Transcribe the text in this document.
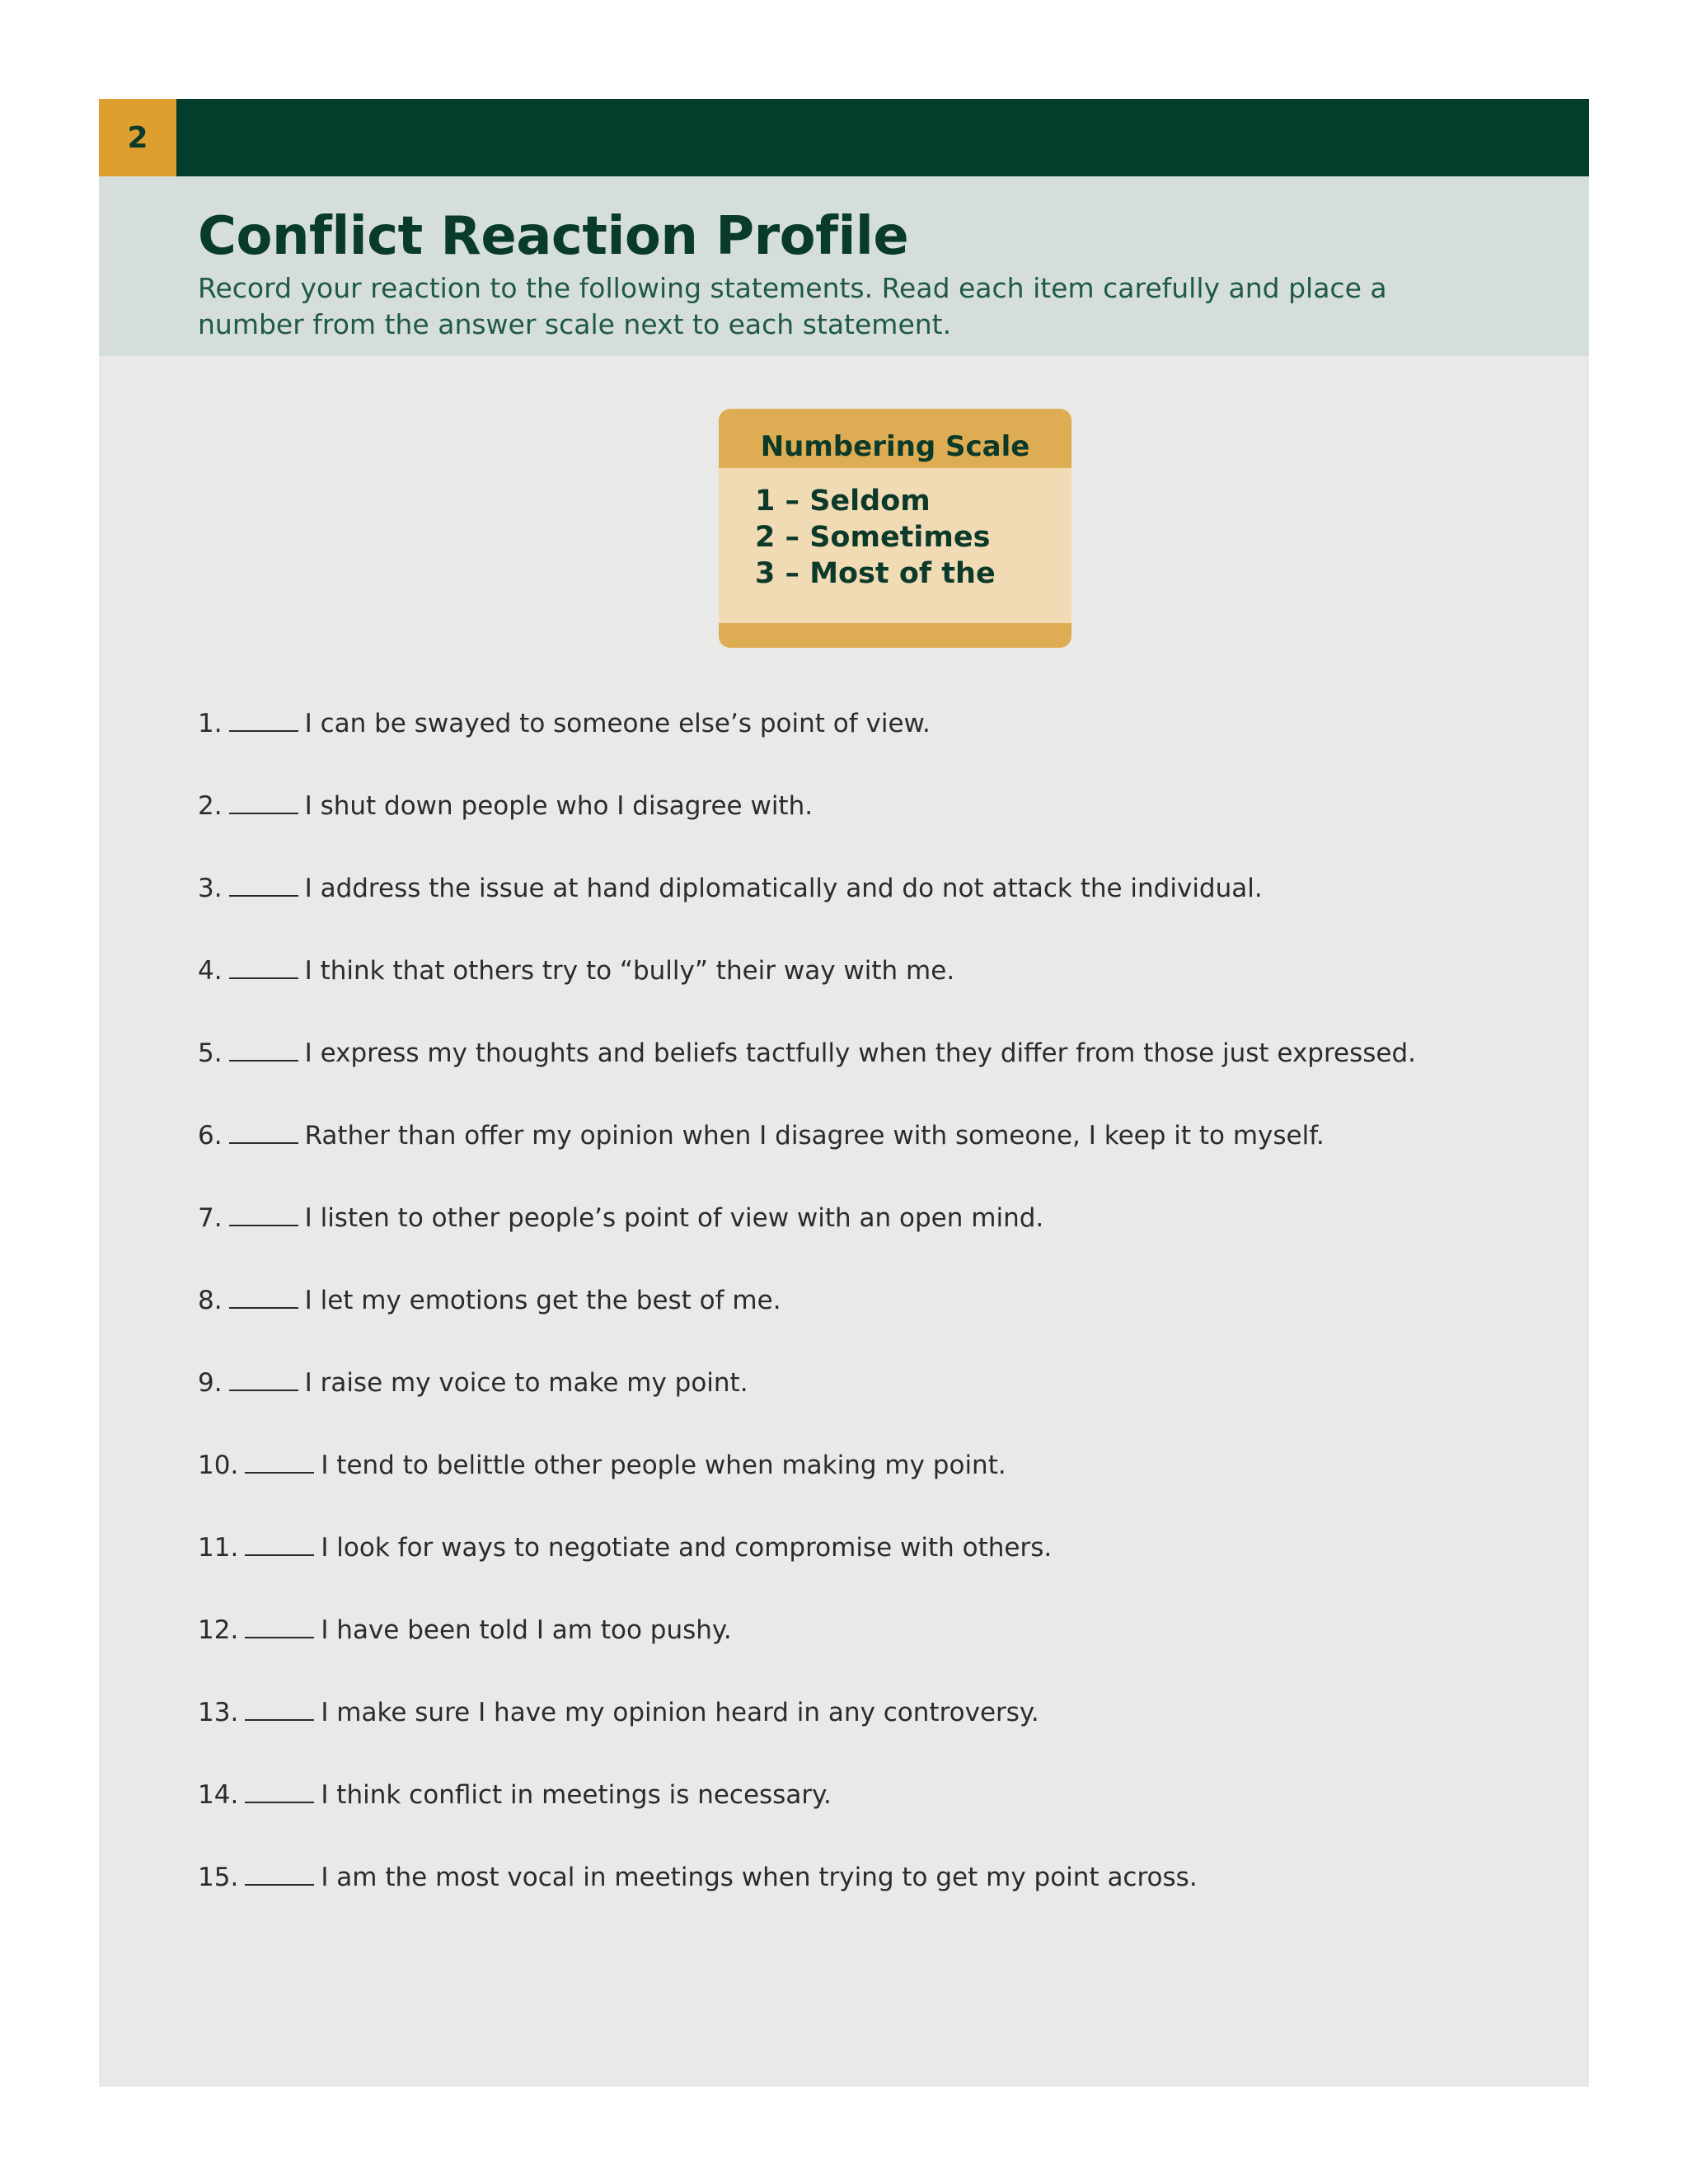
2
Conflict Reaction Profile

Record your reaction to the following statements. Read each item carefully and place a number from the answer scale next to each statement.

Numbering Scale
1 – Seldom
2 – Sometimes
3 – Most of the
1.	I can be swayed to someone else’s point of view.
2.	I shut down people who I disagree with.
3.	I address the issue at hand diplomatically and do not attack the individual.
4.	I think that others try to “bully” their way with me.
5.	I express my thoughts and beliefs tactfully when they differ from those just expressed.
6.	Rather than offer my opinion when I disagree with someone, I keep it to myself.
7.	I listen to other people’s point of view with an open mind.
8.	I let my emotions get the best of me.
9.	I raise my voice to make my point.
10.	I tend to belittle other people when making my point.
11.	I look for ways to negotiate and compromise with others.
12.	I have been told I am too pushy.
13.	I make sure I have my opinion heard in any controversy.
14.	I think conflict in meetings is necessary.
15.	I am the most vocal in meetings when trying to get my point across.
